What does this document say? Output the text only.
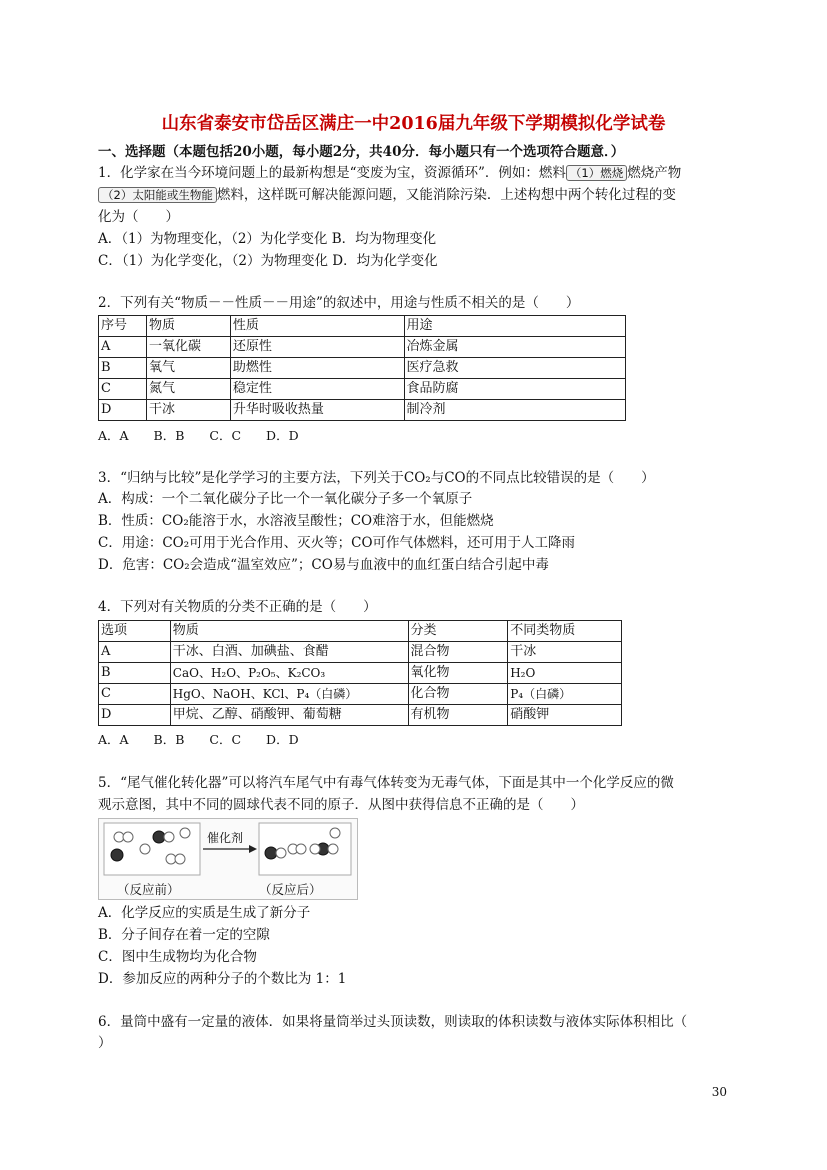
山东省泰安市岱岳区满庄一中2016届九年级下学期模拟化学试卷
一、选择题（本题包括20小题，每小题2分，共40分．每小题只有一个选项符合题意．）
1．化学家在当今环境问题上的最新构想是“变废为宝，资源循环”．例如：燃料 （1）燃烧 燃烧产物
（2）太阳能或生物能 燃料，这样既可解决能源问题，又能消除污染．上述构想中两个转化过程的变
化为（　　）
A．（1）为物理变化，（2）为化学变化 B．均为物理变化
C．（1）为化学变化，（2）为物理变化 D．均为化学变化
2．下列有关“物质－－性质－－用途”的叙述中，用途与性质不相关的是（　　）
序号	物质	性质	用途
A	一氧化碳	还原性	冶炼金属
B	氧气	助燃性	医疗急救
C	氮气	稳定性	食品防腐
D	干冰	升华时吸收热量	制冷剂
A．A　　B．B　　C．C　　D．D
3．“归纳与比较”是化学学习的主要方法，下列关于CO₂与CO的不同点比较错误的是（　　）
A．构成：一个二氧化碳分子比一个一氧化碳分子多一个氧原子
B．性质：CO₂能溶于水，水溶液呈酸性；CO难溶于水，但能燃烧
C．用途：CO₂可用于光合作用、灭火等；CO可作气体燃料，还可用于人工降雨
D．危害：CO₂会造成“温室效应”；CO易与血液中的血红蛋白结合引起中毒
4．下列对有关物质的分类不正确的是（　　）
选项	物质	分类	不同类物质
A	干冰、白酒、加碘盐、食醋	混合物	干冰
B	CaO、H₂O、P₂O₅、K₂CO₃	氧化物	H₂O
C	HgO、NaOH、KCl、P₄（白磷）	化合物	P₄（白磷）
D	甲烷、乙醇、硝酸钾、葡萄糖	有机物	硝酸钾
A．A　　B．B　　C．C　　D．D
5．“尾气催化转化器”可以将汽车尾气中有毒气体转变为无毒气体，下面是其中一个化学反应的微
观示意图，其中不同的圆球代表不同的原子．从图中获得信息不正确的是（　　）
催化剂
（反应前）	（反应后）
A．化学反应的实质是生成了新分子
B．分子间存在着一定的空隙
C．图中生成物均为化合物
D．参加反应的两种分子的个数比为 1：1
6．量筒中盛有一定量的液体．如果将量筒举过头顶读数，则读取的体积读数与液体实际体积相比（
）
30
